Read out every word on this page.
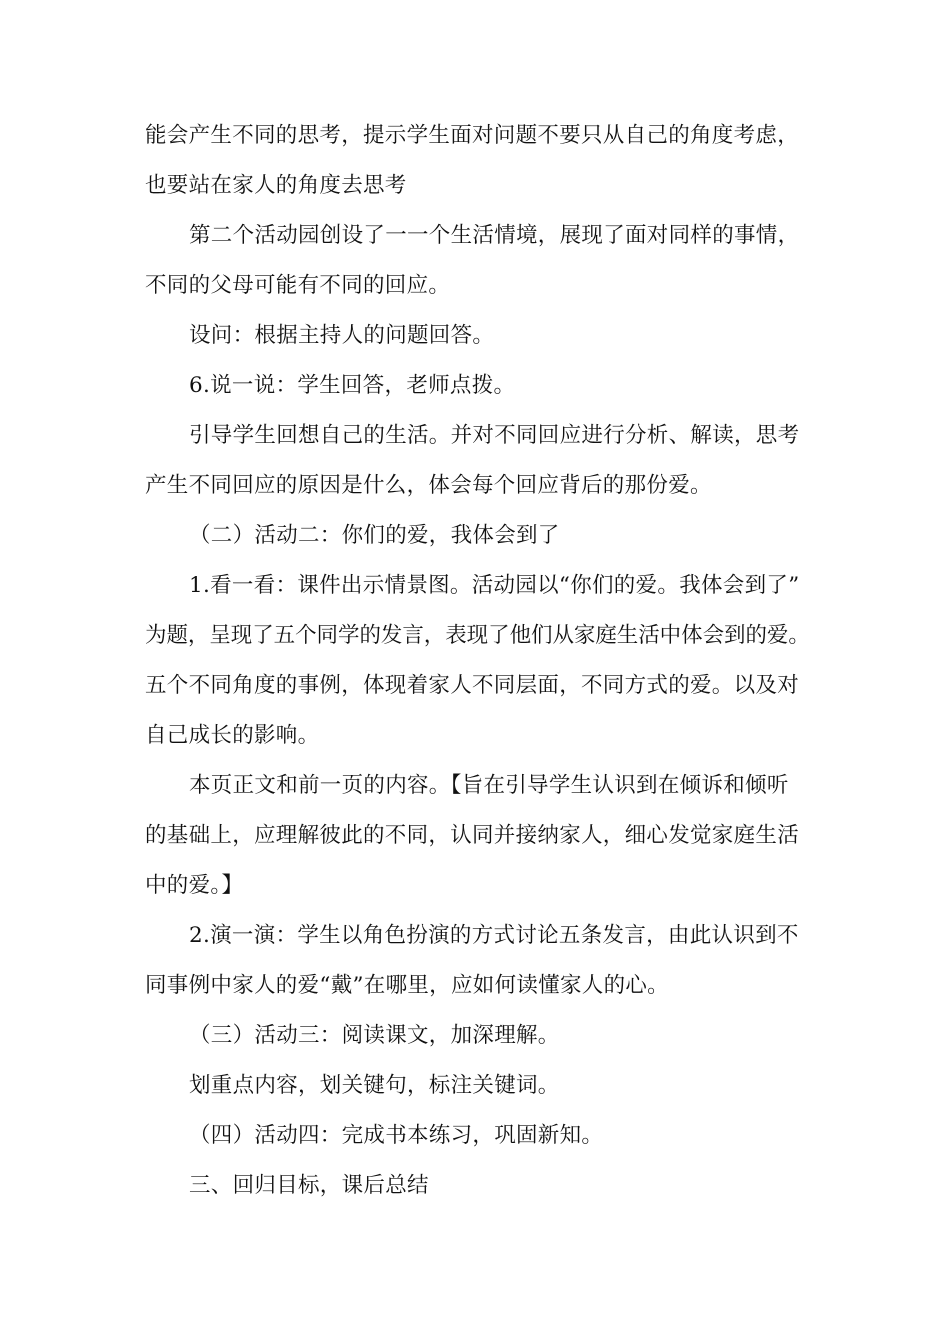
能会产生不同的思考，提示学生面对问题不要只从自己的角度考虑，
也要站在家人的角度去思考
第二个活动园创设了一一个生活情境，展现了面对同样的事情，
不同的父母可能有不同的回应。
设问：根据主持人的问题回答。
6.说一说：学生回答，老师点拨。
引导学生回想自己的生活。并对不同回应进行分析、解读，思考
产生不同回应的原因是什么，体会每个回应背后的那份爱。
（二）活动二：你们的爱，我体会到了
1.看一看：课件出示情景图。活动园以“你们的爱。我体会到了”
为题，呈现了五个同学的发言，表现了他们从家庭生活中体会到的爱。
五个不同角度的事例，体现着家人不同层面，不同方式的爱。以及对
自己成长的影响。
本页正文和前一页的内容。【旨在引导学生认识到在倾诉和倾听
的基础上，应理解彼此的不同，认同并接纳家人，细心发觉家庭生活
中的爱。】
2.演一演：学生以角色扮演的方式讨论五条发言，由此认识到不
同事例中家人的爱“戴”在哪里，应如何读懂家人的心。
（三）活动三：阅读课文，加深理解。
划重点内容，划关键句，标注关键词。
（四）活动四：完成书本练习，巩固新知。
三、回归目标，课后总结
